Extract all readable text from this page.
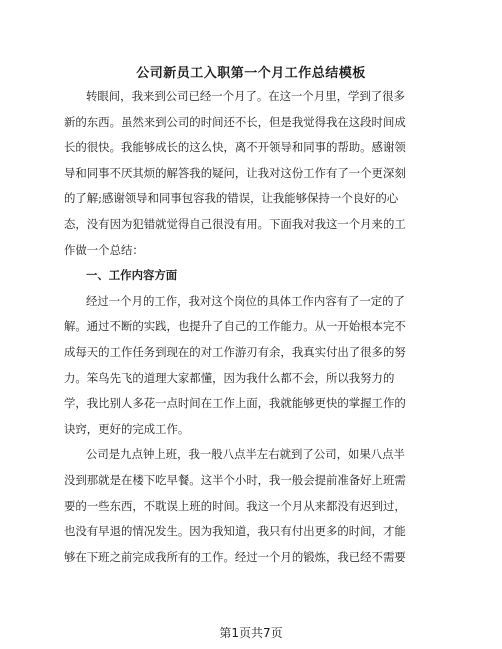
公司新员工入职第一个月工作总结模板
转眼间，我来到公司已经一个月了。在这一个月里，学到了很多
新的东西。虽然来到公司的时间还不长，但是我觉得我在这段时间成
长的很快。我能够成长的这么快，离不开领导和同事的帮助。感谢领
导和同事不厌其烦的解答我的疑问，让我对这份工作有了一个更深刻
的了解;感谢领导和同事包容我的错误，让我能够保持一个良好的心
态，没有因为犯错就觉得自己很没有用。下面我对我这一个月来的工
作做一个总结：
一、工作内容方面
经过一个月的工作，我对这个岗位的具体工作内容有了一定的了
解。通过不断的实践，也提升了自己的工作能力。从一开始根本完不
成每天的工作任务到现在的对工作游刃有余，我真实付出了很多的努
力。笨鸟先飞的道理大家都懂，因为我什么都不会，所以我努力的
学，我比别人多花一点时间在工作上面，我就能够更快的掌握工作的
诀窍，更好的完成工作。
公司是九点钟上班，我一般八点半左右就到了公司，如果八点半
没到那就是在楼下吃早餐。这半个小时，我一般会提前准备好上班需
要的一些东西，不耽误上班的时间。我这一个月从来都没有迟到过，
也没有早退的情况发生。因为我知道，我只有付出更多的时间，才能
够在下班之前完成我所有的工作。经过一个月的锻炼，我已经不需要
第1页共7页
